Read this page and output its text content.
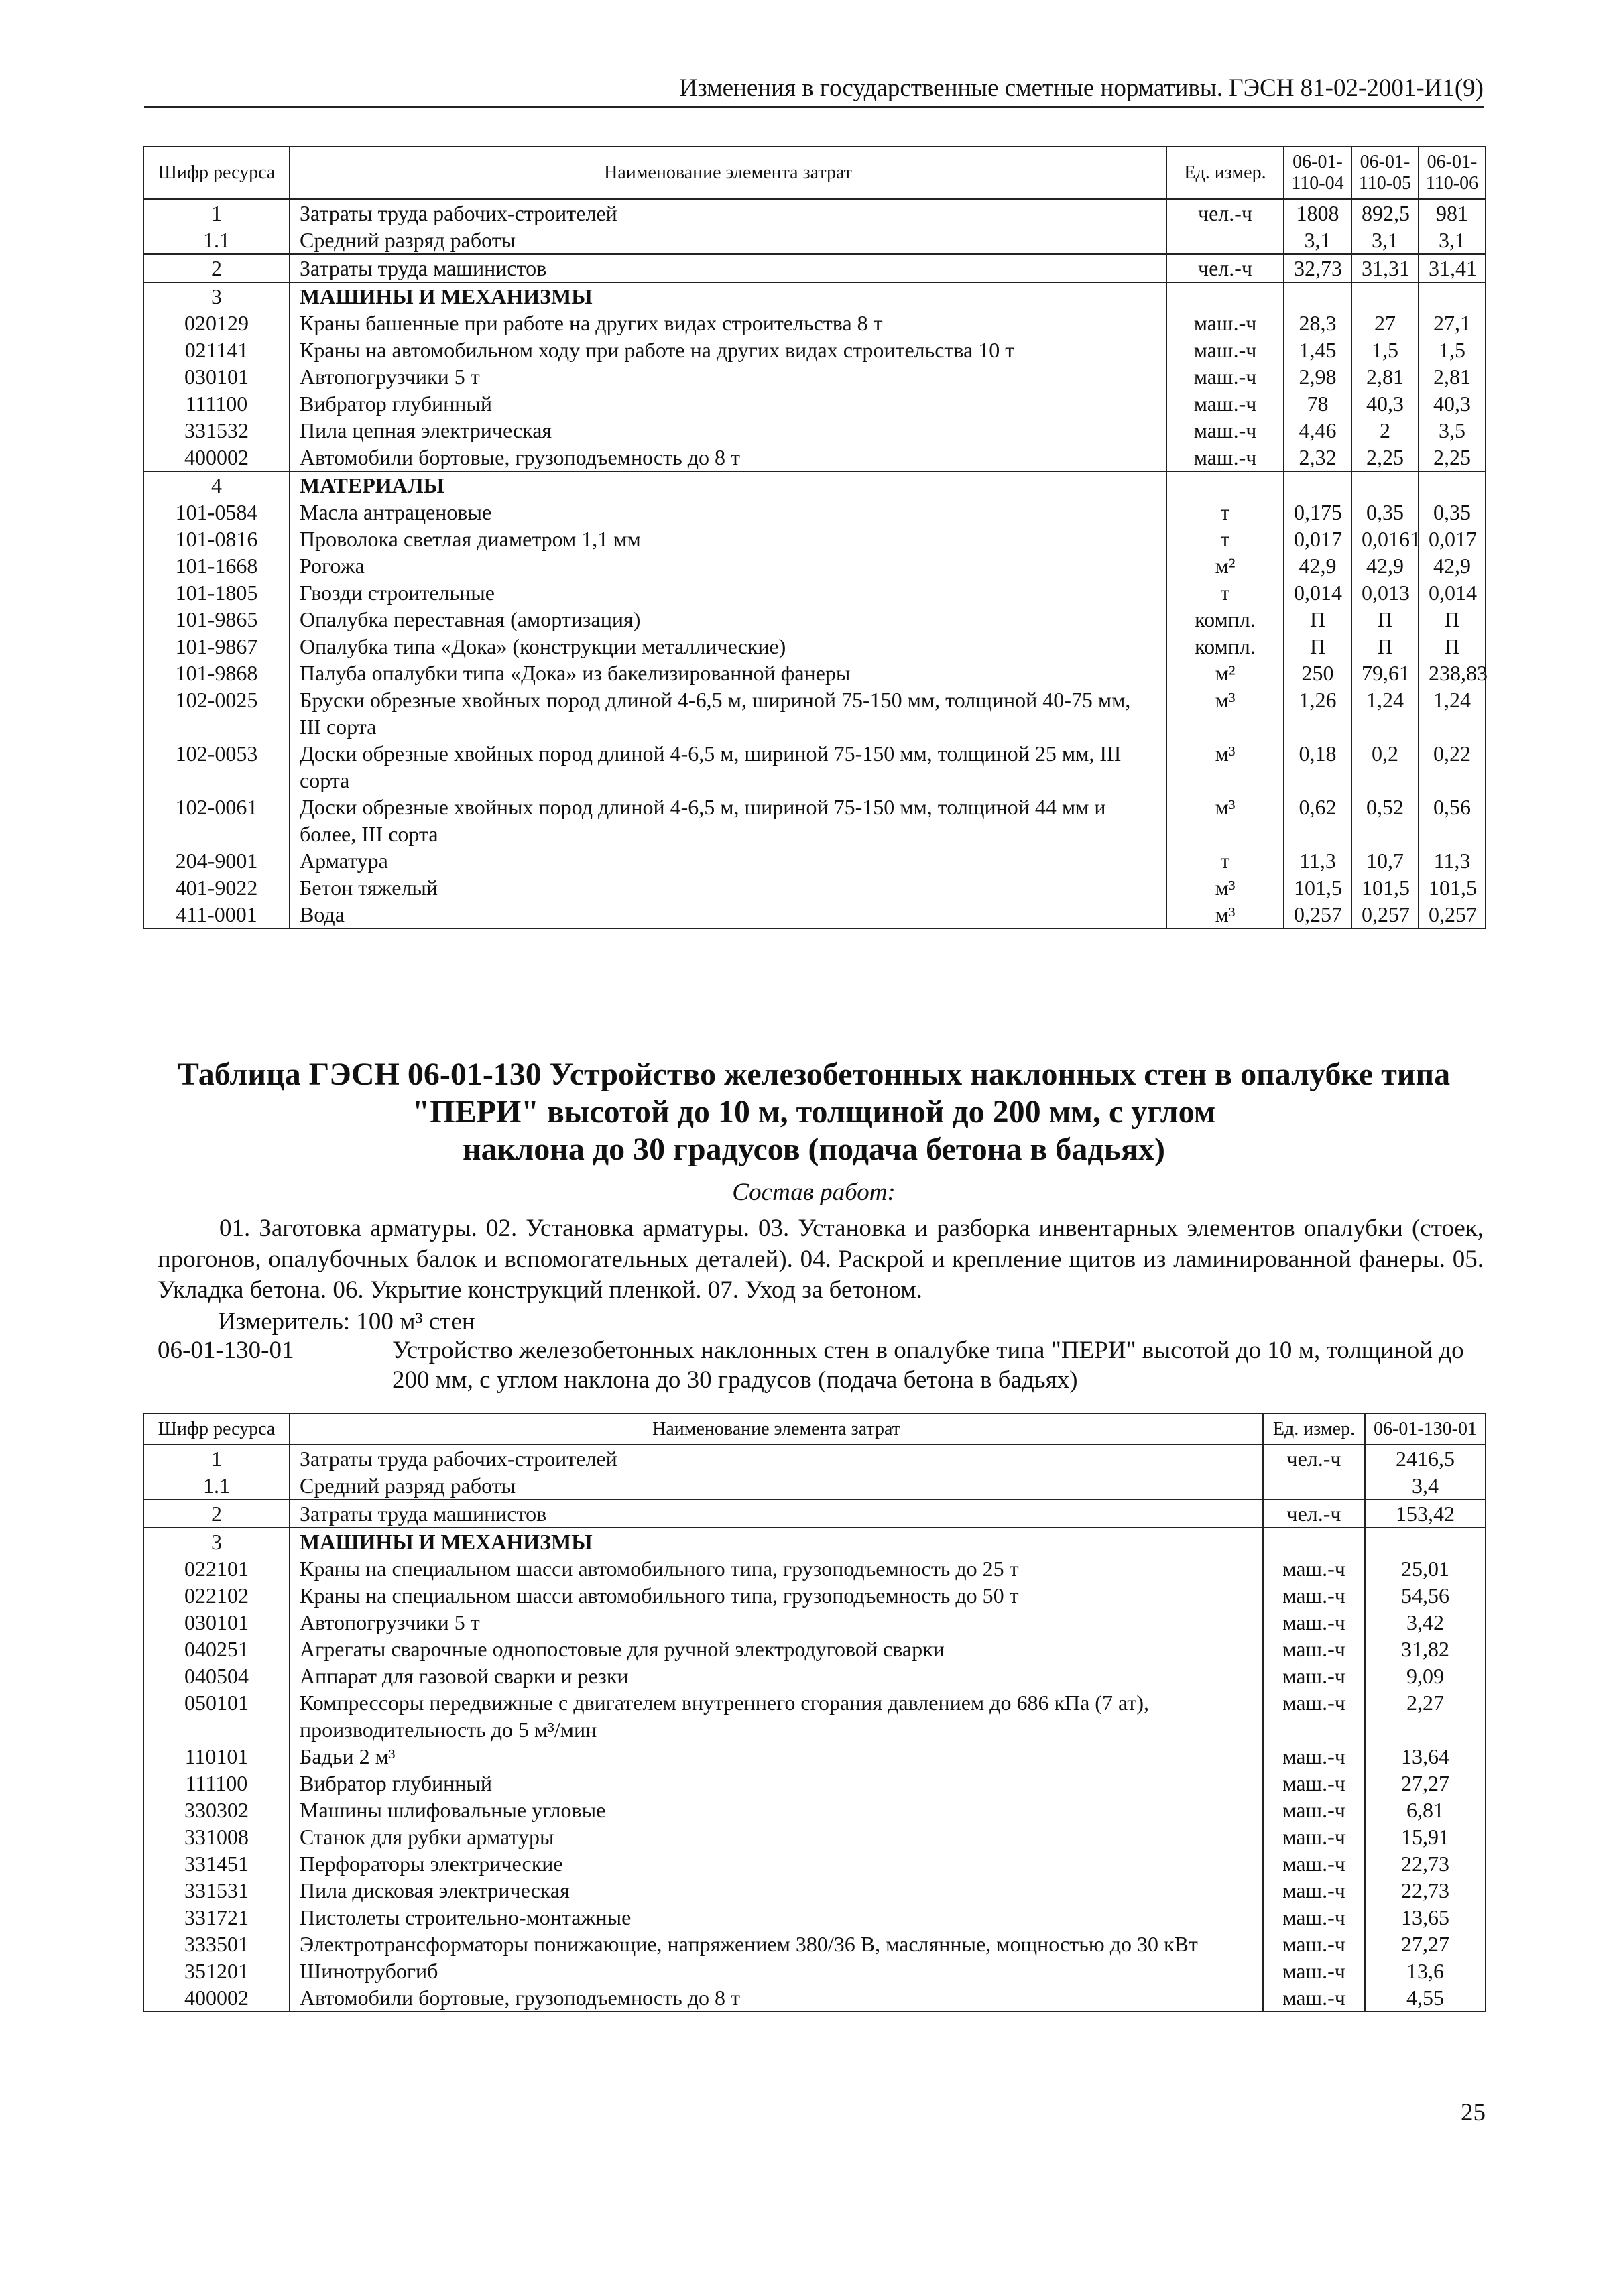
Изменения в государственные сметные нормативы. ГЭСН 81-02-2001-И1(9)
Шифр ресурса	Наименование элемента затрат	Ед. измер.	06-01-110-04	06-01-110-05	06-01-110-06
1	Затраты труда рабочих-строителей	чел.-ч	1808	892,5	981
1.1	Средний разряд работы		3,1	3,1	3,1
2	Затраты труда машинистов	чел.-ч	32,73	31,31	31,41
3	МАШИНЫ И МЕХАНИЗМЫ				
020129	Краны башенные при работе на других видах строительства 8 т	маш.-ч	28,3	27	27,1
021141	Краны на автомобильном ходу при работе на других видах строительства 10 т	маш.-ч	1,45	1,5	1,5
030101	Автопогрузчики 5 т	маш.-ч	2,98	2,81	2,81
111100	Вибратор глубинный	маш.-ч	78	40,3	40,3
331532	Пила цепная электрическая	маш.-ч	4,46	2	3,5
400002	Автомобили бортовые, грузоподъемность до 8 т	маш.-ч	2,32	2,25	2,25
4	МАТЕРИАЛЫ				
101-0584	Масла антраценовые	т	0,175	0,35	0,35
101-0816	Проволока светлая диаметром 1,1 мм	т	0,017	0,0161	0,017
101-1668	Рогожа	м²	42,9	42,9	42,9
101-1805	Гвозди строительные	т	0,014	0,013	0,014
101-9865	Опалубка переставная (амортизация)	компл.	П	П	П
101-9867	Опалубка типа «Дока» (конструкции металлические)	компл.	П	П	П
101-9868	Палуба опалубки типа «Дока» из бакелизированной фанеры	м²	250	79,61	238,83
102-0025	Бруски обрезные хвойных пород длиной 4-6,5 м, шириной 75-150 мм, толщиной 40-75 мм, III сорта	м³	1,26	1,24	1,24
102-0053	Доски обрезные хвойных пород длиной 4-6,5 м, шириной 75-150 мм, толщиной 25 мм, III сорта	м³	0,18	0,2	0,22
102-0061	Доски обрезные хвойных пород длиной 4-6,5 м, шириной 75-150 мм, толщиной 44 мм и более, III сорта	м³	0,62	0,52	0,56
204-9001	Арматура	т	11,3	10,7	11,3
401-9022	Бетон тяжелый	м³	101,5	101,5	101,5
411-0001	Вода	м³	0,257	0,257	0,257
Таблица ГЭСН 06-01-130 Устройство железобетонных наклонных стен в опалубке типа
"ПЕРИ" высотой до 10 м, толщиной до 200 мм, с углом
наклона до 30 градусов (подача бетона в бадьях)
Состав работ:
01. Заготовка арматуры. 02. Установка арматуры. 03. Установка и разборка инвентарных элементов опалубки (стоек, прогонов, опалубочных балок и вспомогательных деталей). 04. Раскрой и крепление щитов из ламинированной фанеры. 05. Укладка бетона. 06. Укрытие конструкций пленкой. 07. Уход за бетоном.
Измеритель: 100 м³ стен
06-01-130-01	Устройство железобетонных наклонных стен в опалубке типа "ПЕРИ" высотой до 10 м, толщиной до 200 мм, с углом наклона до 30 градусов (подача бетона в бадьях)
Шифр ресурса	Наименование элемента затрат	Ед. измер.	06-01-130-01
1	Затраты труда рабочих-строителей	чел.-ч	2416,5
1.1	Средний разряд работы		3,4
2	Затраты труда машинистов	чел.-ч	153,42
3	МАШИНЫ И МЕХАНИЗМЫ		
022101	Краны на специальном шасси автомобильного типа, грузоподъемность до 25 т	маш.-ч	25,01
022102	Краны на специальном шасси автомобильного типа, грузоподъемность до 50 т	маш.-ч	54,56
030101	Автопогрузчики 5 т	маш.-ч	3,42
040251	Агрегаты сварочные однопостовые для ручной электродуговой сварки	маш.-ч	31,82
040504	Аппарат для газовой сварки и резки	маш.-ч	9,09
050101	Компрессоры передвижные с двигателем внутреннего сгорания давлением до 686 кПа (7 ат), производительность до 5 м³/мин	маш.-ч	2,27
110101	Бадьи 2 м³	маш.-ч	13,64
111100	Вибратор глубинный	маш.-ч	27,27
330302	Машины шлифовальные угловые	маш.-ч	6,81
331008	Станок для рубки арматуры	маш.-ч	15,91
331451	Перфораторы электрические	маш.-ч	22,73
331531	Пила дисковая электрическая	маш.-ч	22,73
331721	Пистолеты строительно-монтажные	маш.-ч	13,65
333501	Электротрансформаторы понижающие, напряжением 380/36 В, маслянные, мощностью до 30 кВт	маш.-ч	27,27
351201	Шинотрубогиб	маш.-ч	13,6
400002	Автомобили бортовые, грузоподъемность до 8 т	маш.-ч	4,55
25
